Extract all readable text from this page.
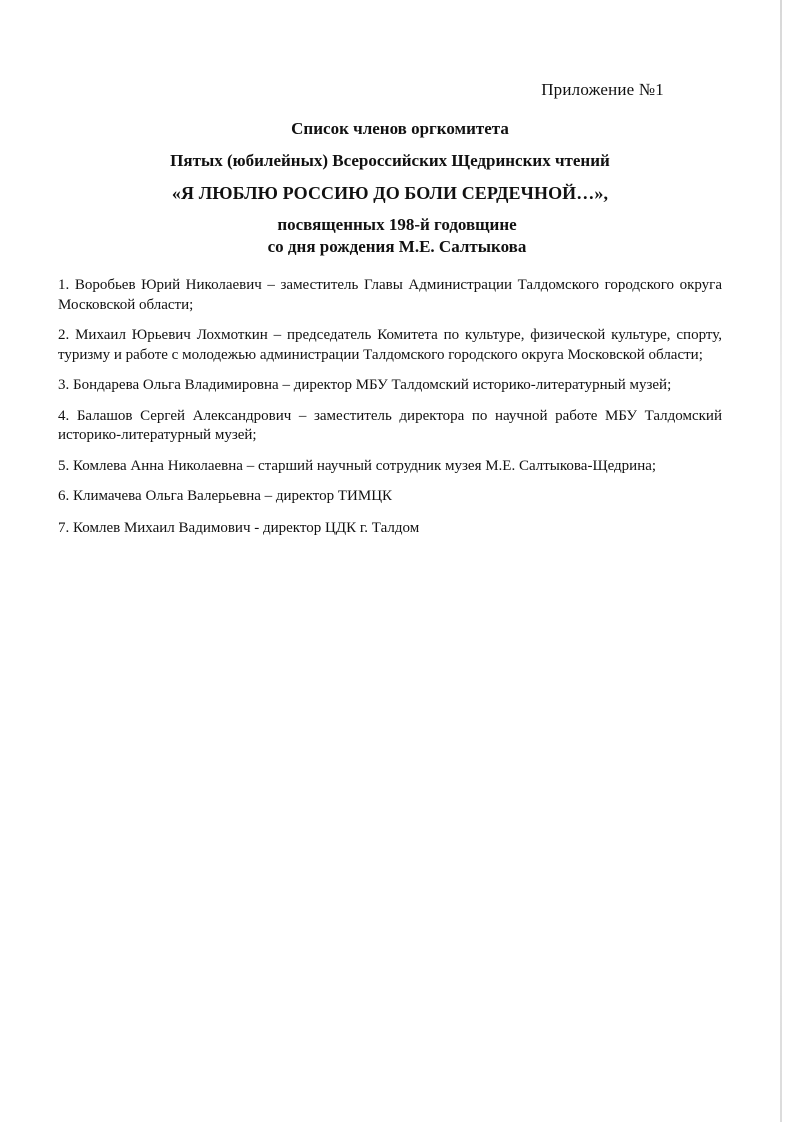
Приложение №1
Список членов оргкомитета
Пятых (юбилейных) Всероссийских Щедринских чтений
«Я ЛЮБЛЮ РОССИЮ ДО БОЛИ СЕРДЕЧНОЙ…»,
посвященных 198-й годовщине
со дня рождения М.Е. Салтыкова
1. Воробьев Юрий Николаевич – заместитель Главы Администрации Талдомского городского округа Московской области;
2. Михаил Юрьевич Лохмоткин – председатель Комитета по культуре, физической культуре, спорту, туризму и работе с молодежью администрации Талдомского городского округа Московской области;
3. Бондарева Ольга Владимировна – директор МБУ Талдомский историко-литературный музей;
4. Балашов Сергей Александрович – заместитель директора по научной работе МБУ Талдомский историко-литературный музей;
5. Комлева Анна Николаевна – старший научный сотрудник музея М.Е. Салтыкова-Щедрина;
6. Климачева Ольга Валерьевна – директор ТИМЦК
7. Комлев Михаил Вадимович - директор ЦДК г. Талдом
